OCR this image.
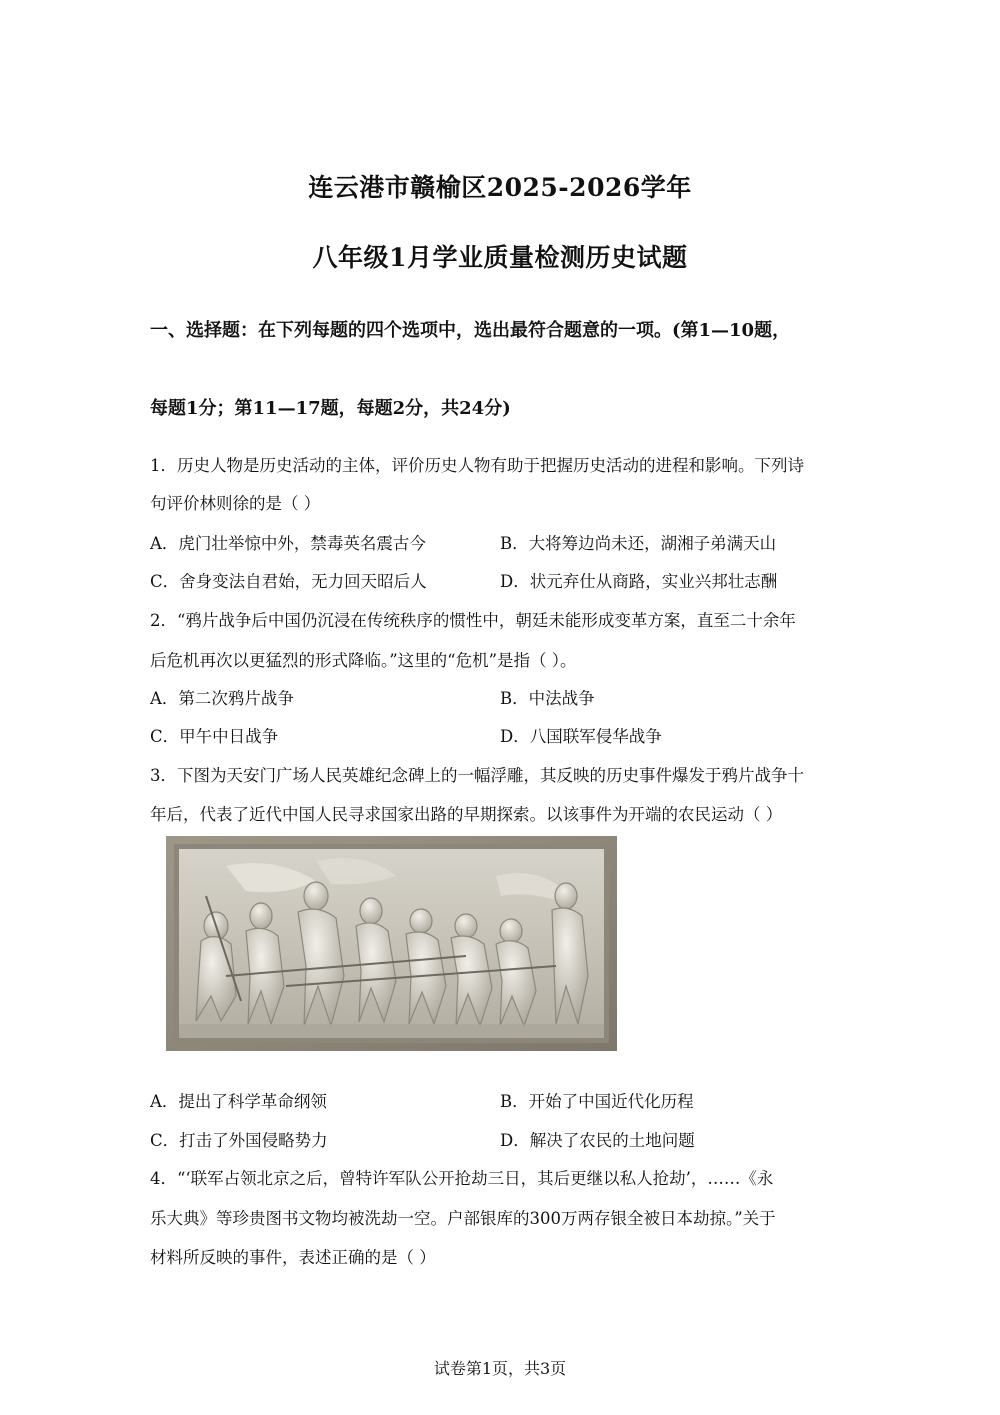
连云港市赣榆区2025-2026学年
八年级1月学业质量检测历史试题
一、选择题：在下列每题的四个选项中，选出最符合题意的一项。(第1—10题，
每题1分；第11—17题，每题2分，共24分)
1．历史人物是历史活动的主体，评价历史人物有助于把握历史活动的进程和影响。下列诗
句评价林则徐的是（ ）
A．虎门壮举惊中外，禁毒英名震古今	B．大将筹边尚未还，湖湘子弟满天山
C．舍身变法自君始，无力回天昭后人	D．状元弃仕从商路，实业兴邦壮志酬
2．“鸦片战争后中国仍沉浸在传统秩序的惯性中，朝廷未能形成变革方案，直至二十余年
后危机再次以更猛烈的形式降临。”这里的“危机”是指（ ）。
A．第二次鸦片战争	B．中法战争
C．甲午中日战争	D．八国联军侵华战争
3．下图为天安门广场人民英雄纪念碑上的一幅浮雕，其反映的历史事件爆发于鸦片战争十
年后，代表了近代中国人民寻求国家出路的早期探索。以该事件为开端的农民运动（ ）
A．提出了科学革命纲领	B．开始了中国近代化历程
C．打击了外国侵略势力	D．解决了农民的土地问题
4．“‘联军占领北京之后，曾特许军队公开抢劫三日，其后更继以私人抢劫’，……《永
乐大典》等珍贵图书文物均被洗劫一空。户部银库的300万两存银全被日本劫掠。”关于
材料所反映的事件，表述正确的是（ ）
试卷第1页，共3页
